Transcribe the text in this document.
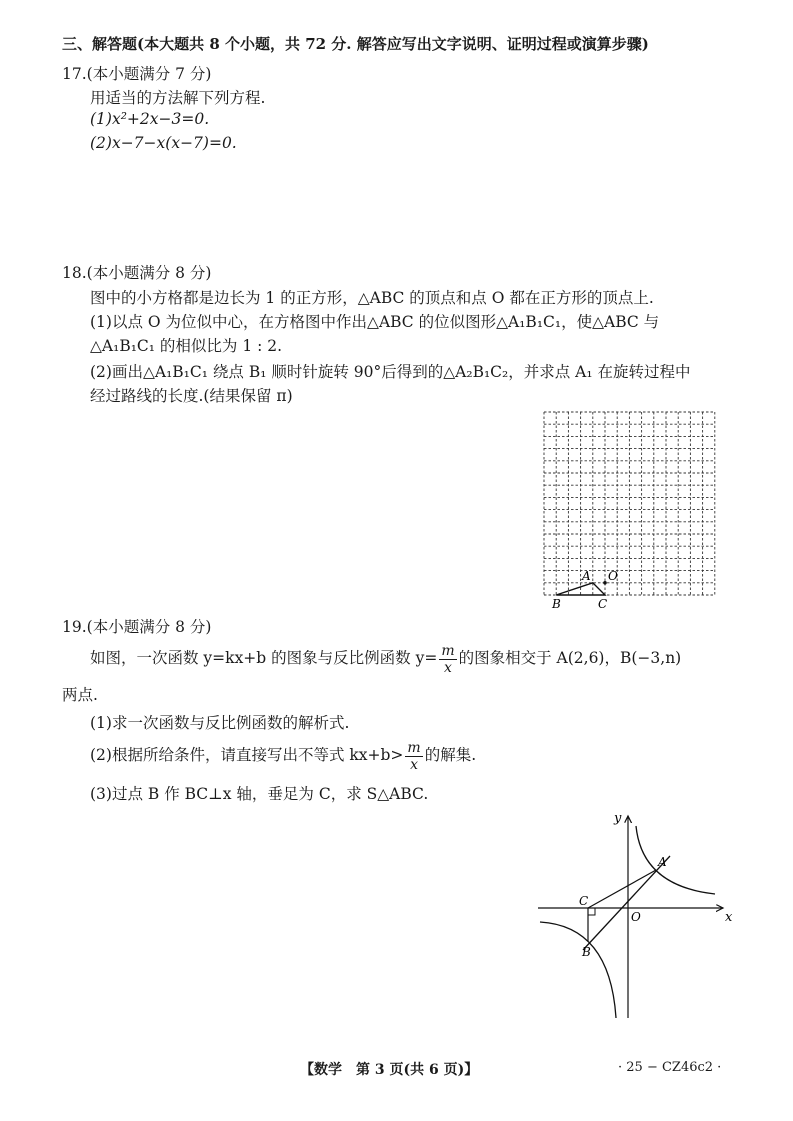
三、解答题(本大题共 8 个小题，共 72 分. 解答应写出文字说明、证明过程或演算步骤)
17.(本小题满分 7 分)
用适当的方法解下列方程.
(1)x²+2x−3=0.
(2)x−7−x(x−7)=0.
18.(本小题满分 8 分)
图中的小方格都是边长为 1 的正方形，△ABC 的顶点和点 O 都在正方形的顶点上.
(1)以点 O 为位似中心，在方格图中作出△ABC 的位似图形△A₁B₁C₁，使△ABC 与
△A₁B₁C₁ 的相似比为 1 : 2.
(2)画出△A₁B₁C₁ 绕点 B₁ 顺时针旋转 90°后得到的△A₂B₁C₂，并求点 A₁ 在旋转过程中
经过路线的长度.(结果保留 π)
A O
B	C
19.(本小题满分 8 分)
如图，一次函数 y=kx+b 的图象与反比例函数 $y= \frac{m}{x}$ 的图象相交于 A(2,6)，B(−3,n)
两点.
(1)求一次函数与反比例函数的解析式.
(2)根据所给条件，请直接写出不等式 $kx+b> \frac{m}{x}$ 的解集.
(3)过点 B 作 BC⊥x 轴，垂足为 C，求 S△ABC.
x
y
A
B
C
O
【数学　第 3 页(共 6 页)】	· 25 − CZ46c2 ·
